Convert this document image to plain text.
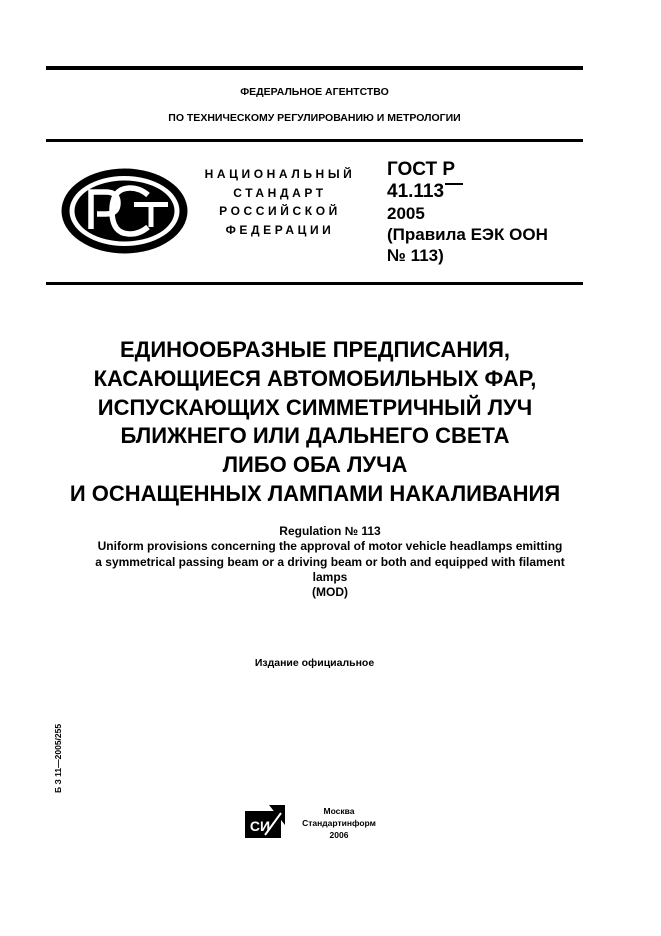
ФЕДЕРАЛЬНОЕ АГЕНТСТВО
ПО ТЕХНИЧЕСКОМУ РЕГУЛИРОВАНИЮ И МЕТРОЛОГИИ
НАЦИОНАЛЬНЫЙ
СТАНДАРТ
РОССИЙСКОЙ
ФЕДЕРАЦИИ
ГОСТ Р
41.113
2005
(Правила ЕЭК ООН
№ 113)
ЕДИНООБРАЗНЫЕ ПРЕДПИСАНИЯ,
КАСАЮЩИЕСЯ АВТОМОБИЛЬНЫХ ФАР,
ИСПУСКАЮЩИХ СИММЕТРИЧНЫЙ ЛУЧ
БЛИЖНЕГО ИЛИ ДАЛЬНЕГО СВЕТА
ЛИБО ОБА ЛУЧА
И ОСНАЩЕННЫХ ЛАМПАМИ НАКАЛИВАНИЯ
Regulation № 113
Uniform provisions concerning the approval of motor vehicle headlamps emitting
a symmetrical passing beam or a driving beam or both and equipped with filament
lamps
(MOD)
Издание официальное
Б З 11—2005/255
СИ
Москва
Стандартинформ
2006
